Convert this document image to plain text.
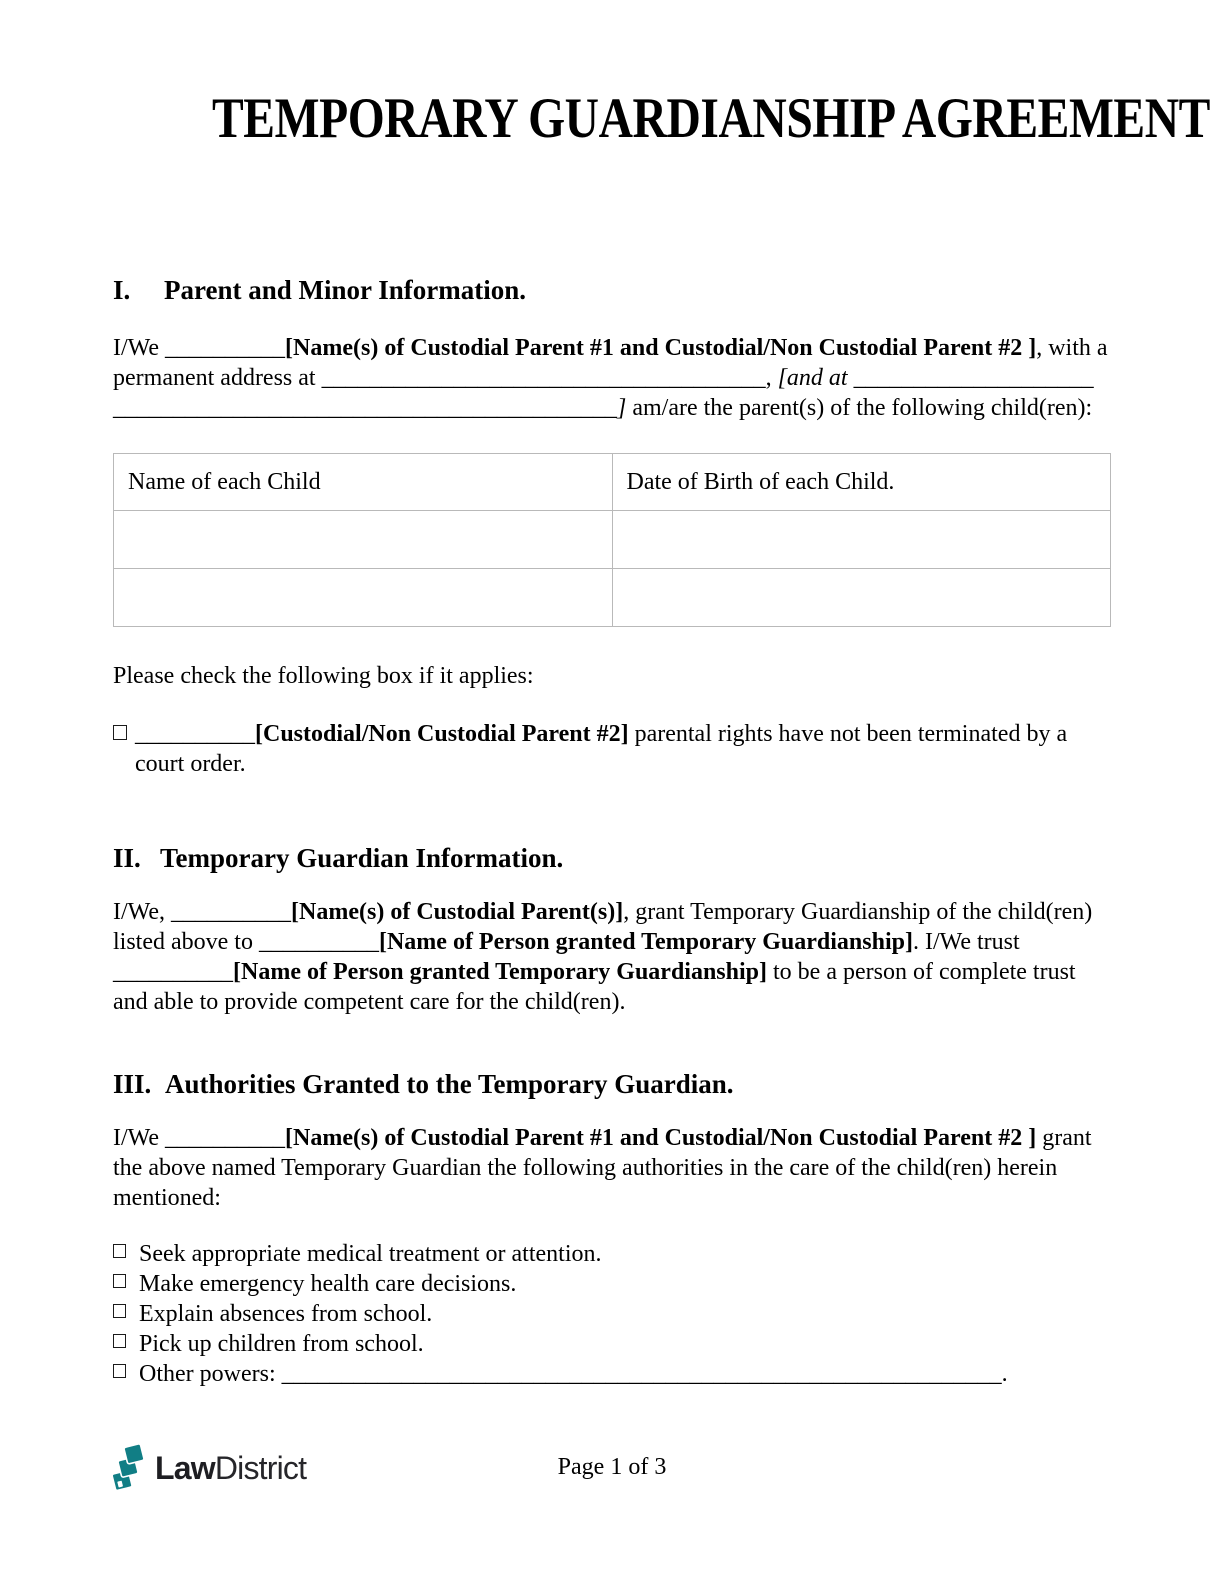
TEMPORARY GUARDIANSHIP AGREEMENT
I.	Parent and Minor Information.
I/We __________[Name(s) of Custodial Parent #1 and Custodial/Non Custodial Parent #2 ], with a
permanent address at _____________________________________, [and at ____________________
__________________________________________] am/are the parent(s) of the following child(ren):
Name of each Child	Date of Birth of each Child.

Please check the following box if it applies:
__________[Custodial/Non Custodial Parent #2] parental rights have not been terminated by a
court order.
II. Temporary Guardian Information.
I/We, __________[Name(s) of Custodial Parent(s)], grant Temporary Guardianship of the child(ren)
listed above to __________[Name of Person granted Temporary Guardianship]. I/We trust
__________[Name of Person granted Temporary Guardianship] to be a person of complete trust
and able to provide competent care for the child(ren).
III. Authorities Granted to the Temporary Guardian.
I/We __________[Name(s) of Custodial Parent #1 and Custodial/Non Custodial Parent #2 ] grant
the above named Temporary Guardian the following authorities in the care of the child(ren) herein
mentioned:
Seek appropriate medical treatment or attention.
Make emergency health care decisions.
Explain absences from school.
Pick up children from school.
Other powers: ____________________________________________________________.
Law District	Page 1 of 3
